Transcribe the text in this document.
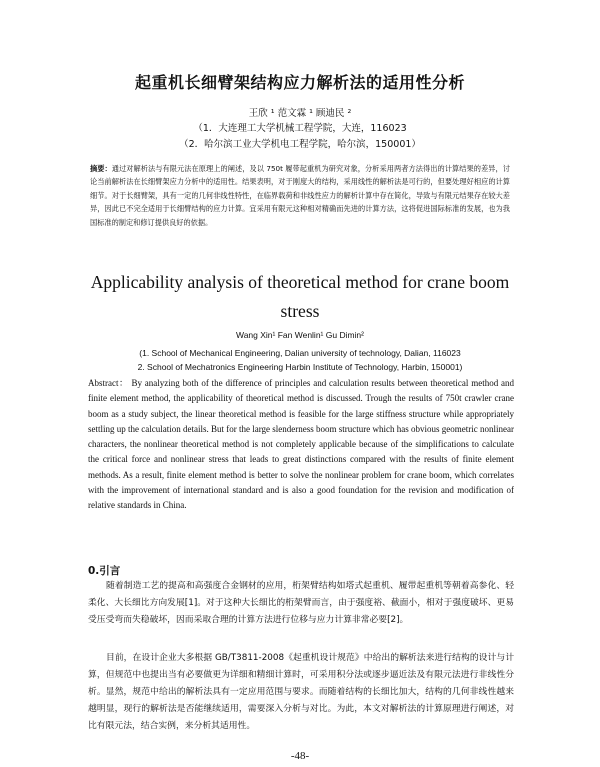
起重机长细臂架结构应力解析法的适用性分析
王欣 ¹ 范文霖 ¹ 顾迪民 ²
（1．大连理工大学机械工程学院，大连，116023
（2．哈尔滨工业大学机电工程学院，哈尔滨，150001）
摘要：通过对解析法与有限元法在原理上的阐述，及以 750t 履带起重机为研究对象，分析采用两者方法得出的计算结果的差异，讨论当前解析法在长细臂架应力分析中的适用性。结果表明，对于刚度大的结构，采用线性的解析法是可行的，但要处理好相应的计算细节。对于长细臂架，具有一定的几何非线性特性，在临界载荷和非线性应力的解析计算中存在简化，导致与有限元结果存在较大差异，因此已不完全适用于长细臂结构的应力计算。宜采用有限元这种相对精确而先进的计算方法，这将促进国际标准的发展，也为我国标准的制定和修订提供良好的依据。
Applicability analysis of theoretical method for crane boom
stress
Wang Xin¹ Fan Wenlin¹ Gu Dimin²
(1. School of Mechanical Engineering, Dalian university of technology, Dalian, 116023
2. School of Mechatronics Engineering Harbin Institute of Technology, Harbin, 150001)
Abstract： By analyzing both of the difference of principles and calculation results between theoretical method and finite element method, the applicability of theoretical method is discussed. Trough the results of 750t crawler crane boom as a study subject, the linear theoretical method is feasible for the large stiffness structure while appropriately settling up the calculation details. But for the large slenderness boom structure which has obvious geometric nonlinear characters, the nonlinear theoretical method is not completely applicable because of the simplifications to calculate the critical force and nonlinear stress that leads to great distinctions compared with the results of finite element methods. As a result, finite element method is better to solve the nonlinear problem for crane boom, which correlates with the improvement of international standard and is also a good foundation for the revision and modification of relative standards in China.
0.引言
随着制造工艺的提高和高强度合金钢材的应用，桁架臂结构如塔式起重机、履带起重机等朝着高参化、轻柔化、大长细比方向发展[1]。对于这种大长细比的桁架臂而言，由于强度裕、截面小，相对于强度破坏、更易受压受弯而失稳破坏，因而采取合理的计算方法进行位移与应力计算非常必要[2]。
目前，在设计企业大多根据 GB/T3811-2008《起重机设计规范》中给出的解析法来进行结构的设计与计算，但规范中也提出当有必要做更为详细和精细计算时，可采用积分法或逐步逼近法及有限元法进行非线性分析。显然，规范中给出的解析法具有一定应用范围与要求。而随着结构的长细比加大，结构的几何非线性越来越明显，现行的解析法是否能继续适用，需要深入分析与对比。为此，本文对解析法的计算原理进行阐述，对比有限元法，结合实例，来分析其适用性。
-48-
